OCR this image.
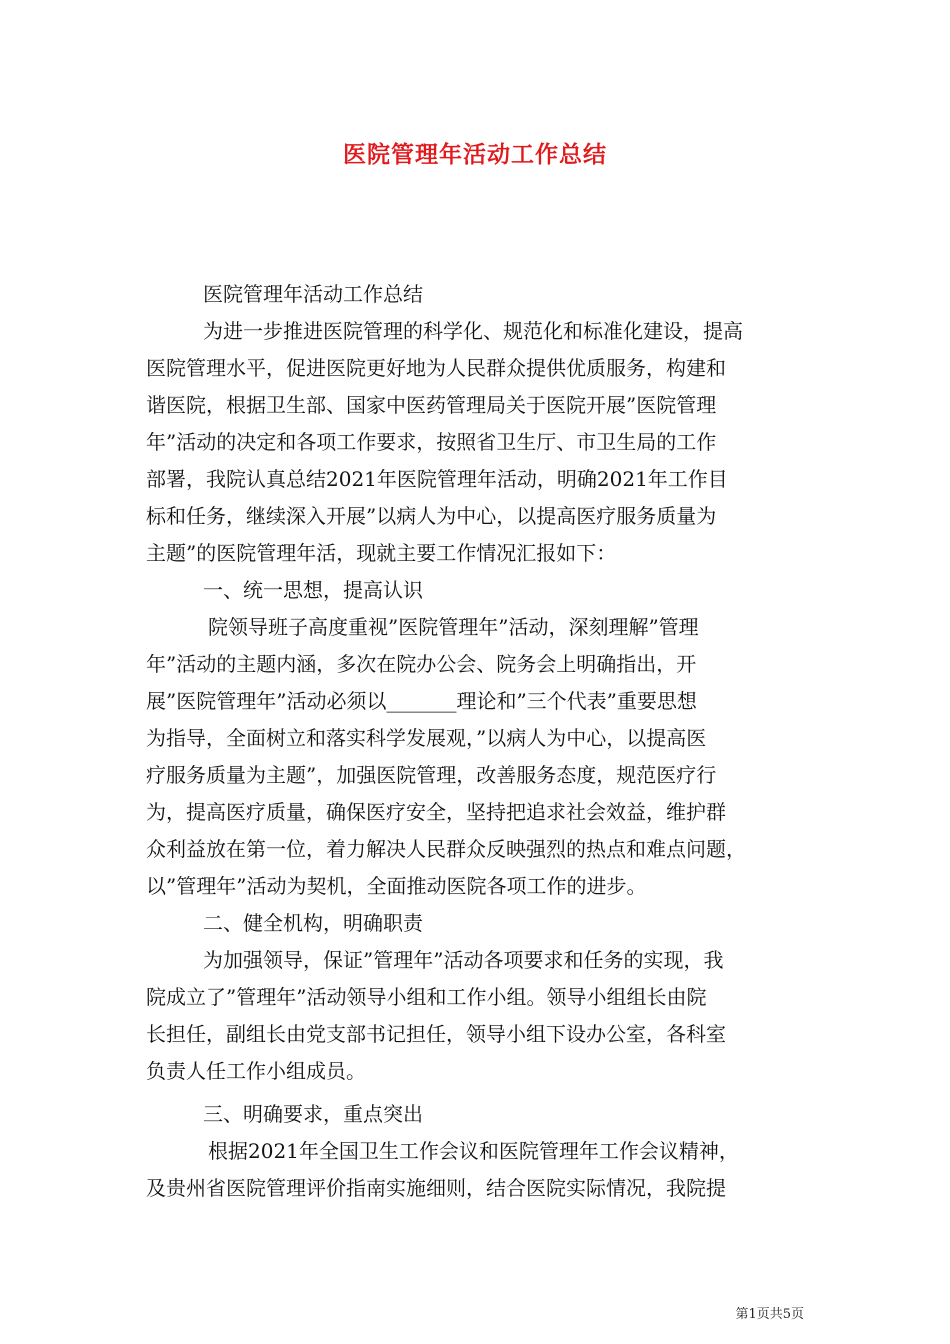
医院管理年活动工作总结
医院管理年活动工作总结
为进一步推进医院管理的科学化、规范化和标准化建设，提高
医院管理水平，促进医院更好地为人民群众提供优质服务，构建和
谐医院，根据卫生部、国家中医药管理局关于医院开展”医院管理
年”活动的决定和各项工作要求，按照省卫生厅、市卫生局的工作
部署，我院认真总结2021年医院管理年活动，明确2021年工作目
标和任务，继续深入开展”以病人为中心，以提高医疗服务质量为
主题”的医院管理年活，现就主要工作情况汇报如下：
一、统一思想，提高认识
院领导班子高度重视”医院管理年”活动，深刻理解”管理
年”活动的主题内涵，多次在院办公会、院务会上明确指出，开
展”医院管理年”活动必须以_______理论和”三个代表”重要思想
为指导，全面树立和落实科学发展观，”以病人为中心，以提高医
疗服务质量为主题”，加强医院管理，改善服务态度，规范医疗行
为，提高医疗质量，确保医疗安全，坚持把追求社会效益，维护群
众利益放在第一位，着力解决人民群众反映强烈的热点和难点问题，
以”管理年”活动为契机，全面推动医院各项工作的进步。
二、健全机构，明确职责
为加强领导，保证”管理年”活动各项要求和任务的实现，我
院成立了”管理年”活动领导小组和工作小组。领导小组组长由院
长担任，副组长由党支部书记担任，领导小组下设办公室，各科室
负责人任工作小组成员。
三、明确要求，重点突出
根据2021年全国卫生工作会议和医院管理年工作会议精神，
及贵州省医院管理评价指南实施细则，结合医院实际情况，我院提
第1页共5页
